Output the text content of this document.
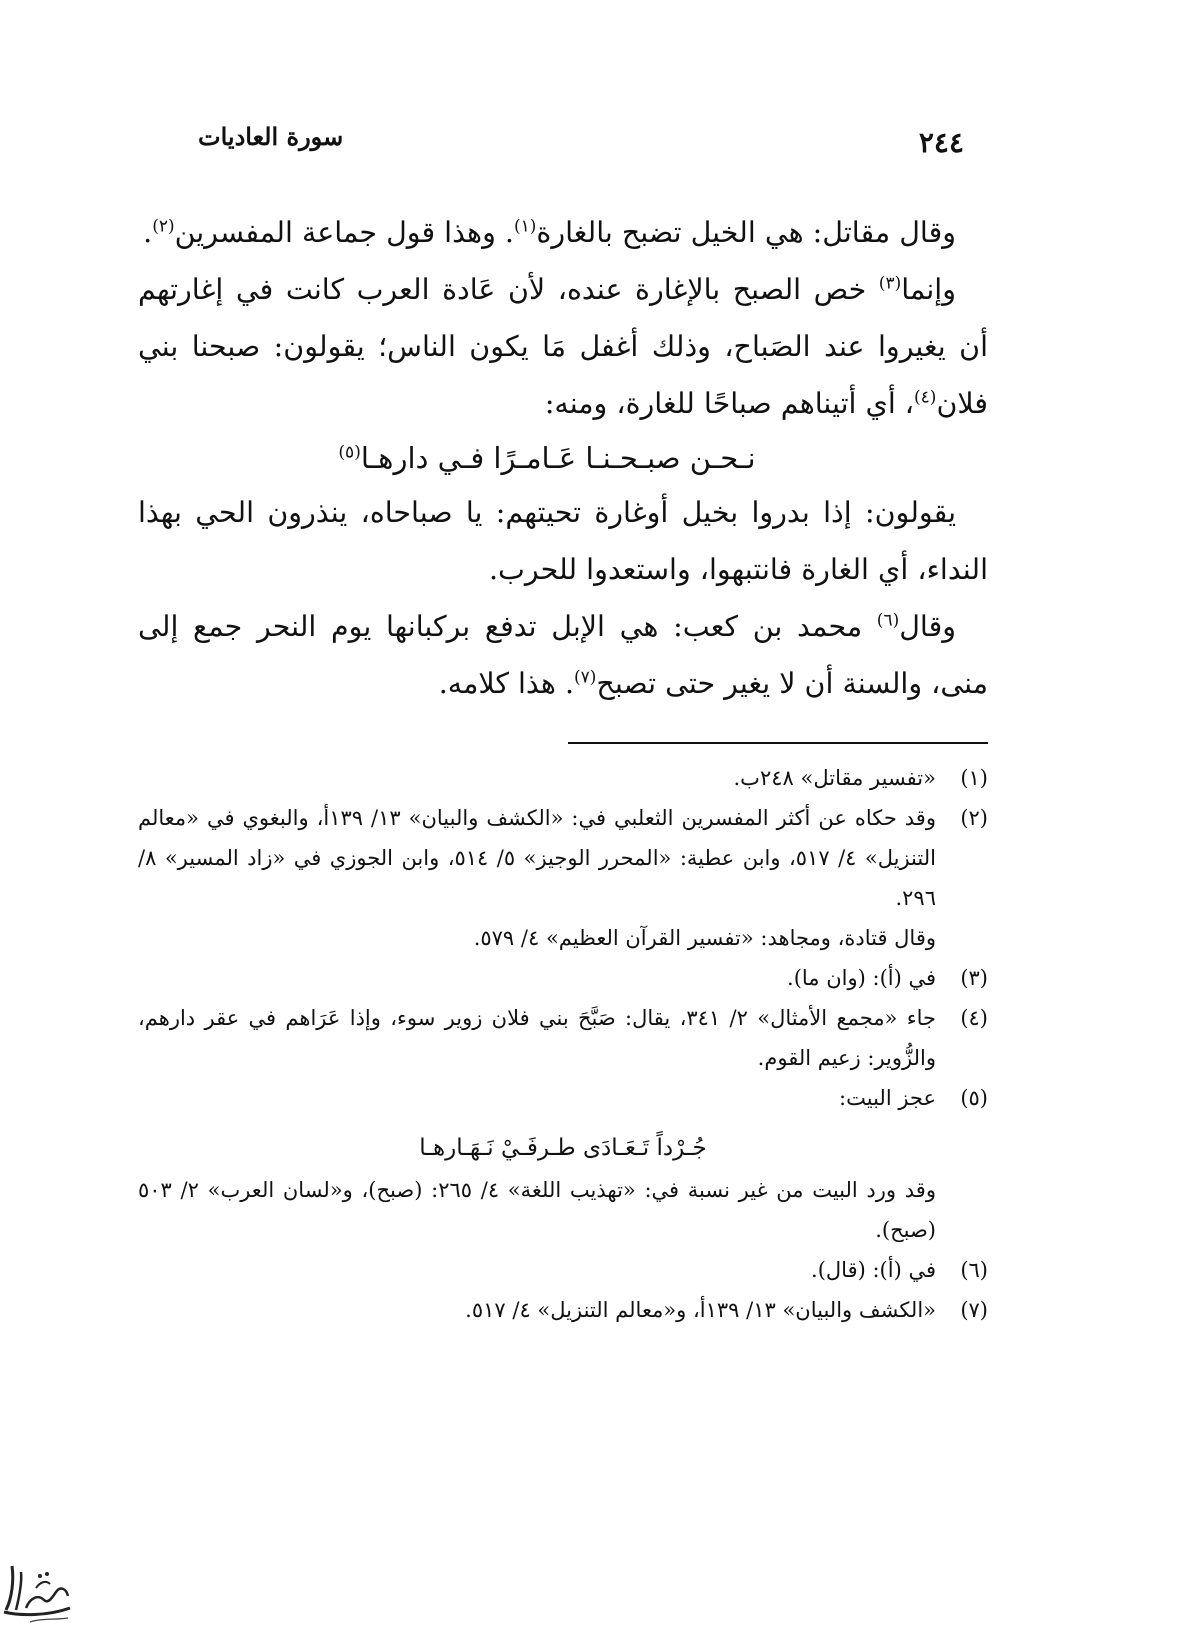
٢٤٤
سورة العاديات

وقال مقاتل: هي الخيل تضبح بالغارة$^{(١)}$. وهذا قول جماعة المفسرين$^{(٢)}$.

وإنما$^{(٣)}$ خص الصبح بالإغارة عنده، لأن عَادة العرب كانت في إغارتهم أن يغيروا عند الصَباح، وذلك أغفل مَا يكون الناس؛ يقولون: صبحنا بني فلان$^{(٤)}$، أي أتيناهم صباحًا للغارة، ومنه:

نـحـن صبـحـنـا عَـامـرًا فـي دارهـا$^{(٥)}$

يقولون: إذا بدروا بخيل أوغارة تحيتهم: يا صباحاه، ينذرون الحي بهذا النداء، أي الغارة فانتبهوا، واستعدوا للحرب.

وقال$^{(٦)}$ محمد بن كعب: هي الإبل تدفع بركبانها يوم النحر جمع إلى منى، والسنة أن لا يغير حتى تصبح$^{(٧)}$. هذا كلامه.

(١)
«تفسير مقاتل» ٢٤٨ب.
(٢)
وقد حكاه عن أكثر المفسرين الثعلبي في: «الكشف والبيان» ١٣/ ١٣٩أ، والبغوي في «معالم التنزيل» ٤/ ٥١٧، وابن عطية: «المحرر الوجيز» ٥/ ٥١٤، وابن الجوزي في «زاد المسير» ٨/ ٢٩٦.
وقال قتادة، ومجاهد: «تفسير القرآن العظيم» ٤/ ٥٧٩.
(٣)
في (أ): (وان ما).
(٤)
جاء «مجمع الأمثال» ٢/ ٣٤١، يقال: صَبَّحَ بني فلان زوير سوء، وإذا عَرَاهم في عقر دارهم، والزُّوير: زعيم القوم.
(٥)
عجز البيت:
جُـرْداً تَـعَـادَى طـرفَـيْ نَـهَـارهـا
وقد ورد البيت من غير نسبة في: «تهذيب اللغة» ٤/ ٢٦٥: (صبح)، و«لسان العرب» ٢/ ٥٠٣ (صبح).
(٦)
في (أ): (قال).
(٧)
«الكشف والبيان» ١٣/ ١٣٩أ، و«معالم التنزيل» ٤/ ٥١٧.
